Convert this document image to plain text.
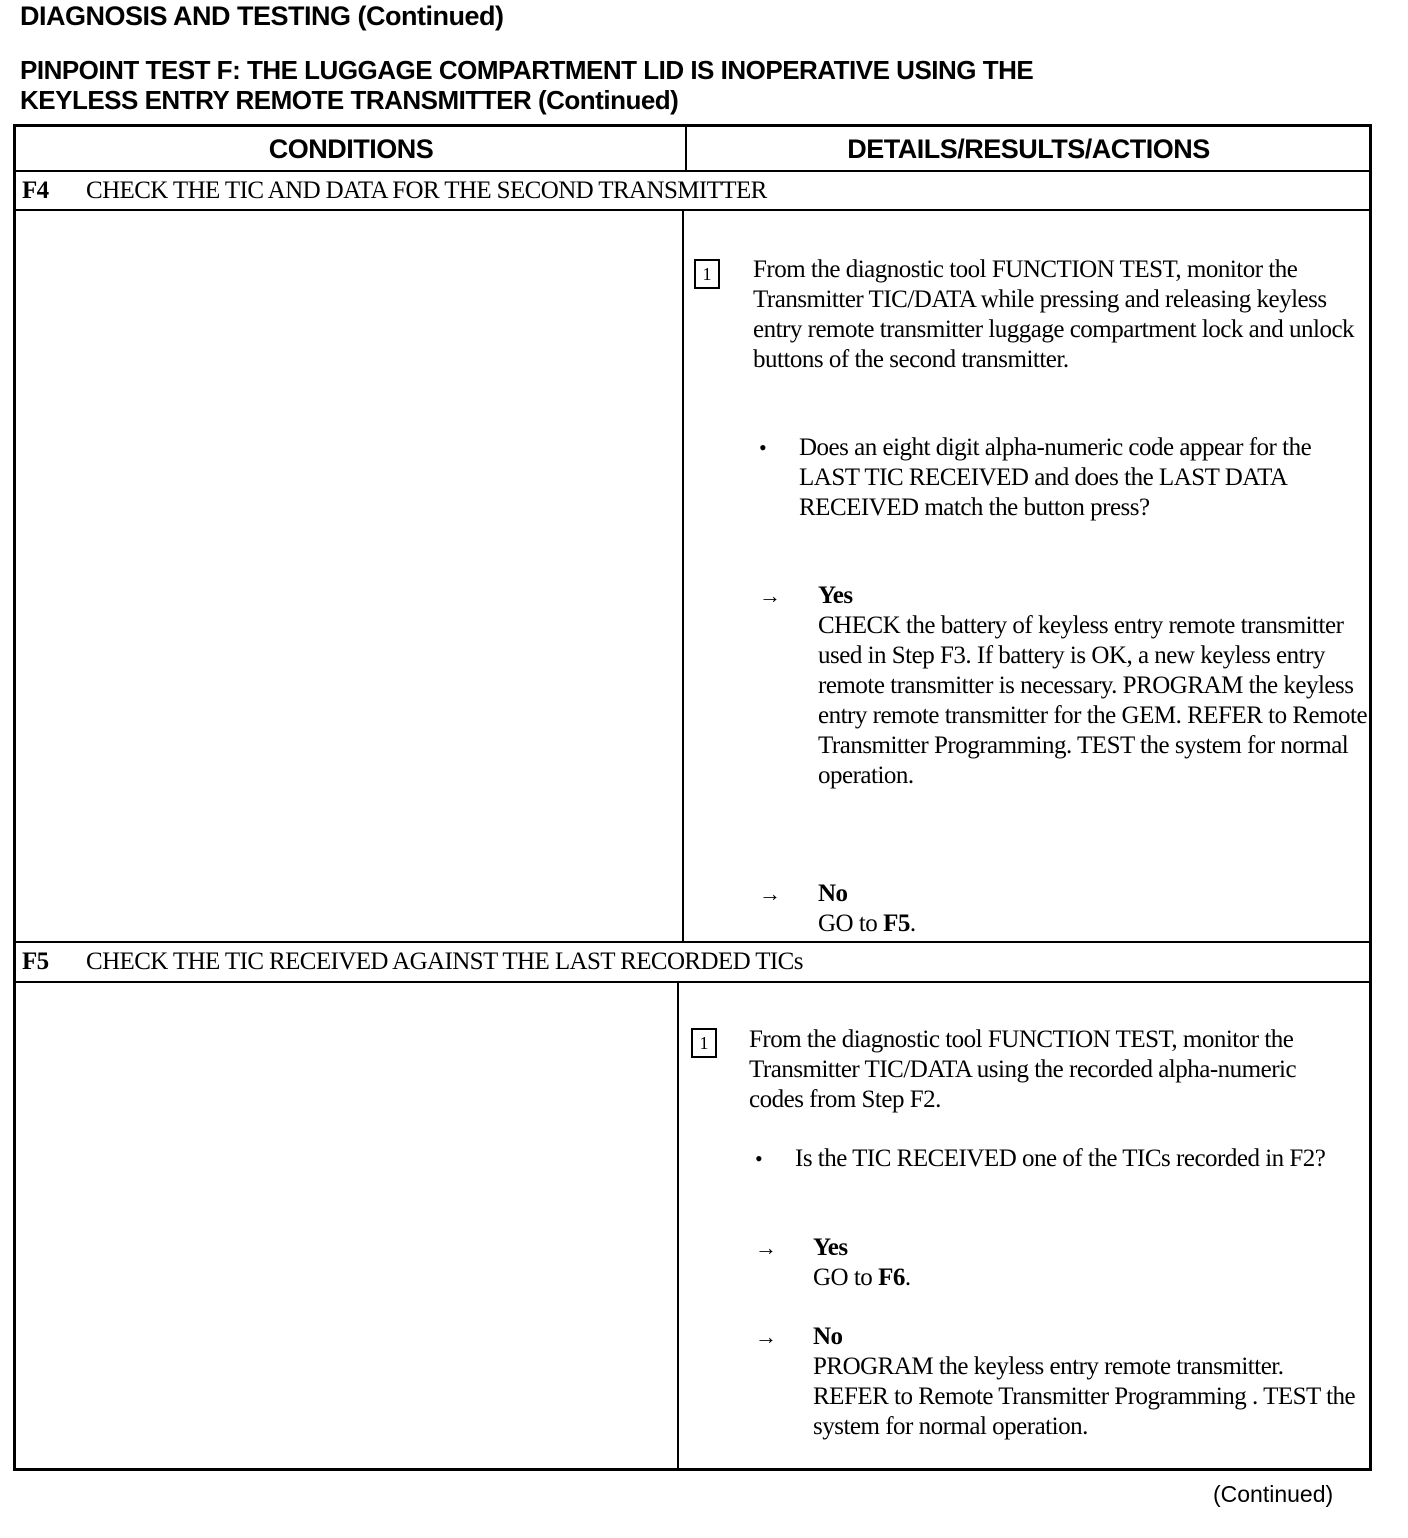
DIAGNOSIS AND TESTING (Continued)
PINPOINT TEST F: THE LUGGAGE COMPARTMENT LID IS INOPERATIVE USING THE
KEYLESS ENTRY REMOTE TRANSMITTER (Continued)
CONDITIONS	DETAILS/RESULTS/ACTIONS
F4 CHECK THE TIC AND DATA FOR THE SECOND TRANSMITTER
1	From the diagnostic tool FUNCTION TEST, monitor the Transmitter TIC/DATA while pressing and releasing keyless entry remote transmitter luggage compartment lock and unlock buttons of the second transmitter.

• Does an eight digit alpha-numeric code appear for the LAST TIC RECEIVED and does the LAST DATA RECEIVED match the button press?

→ Yes

CHECK the battery of keyless entry remote transmitter used in Step F3. If battery is OK, a new keyless entry remote transmitter is necessary. PROGRAM the keyless entry remote transmitter for the GEM. REFER to Remote Transmitter Programming. TEST the system for normal operation.

→ No

GO to F5.

F5 CHECK THE TIC RECEIVED AGAINST THE LAST RECORDED TICs
1	From the diagnostic tool FUNCTION TEST, monitor the Transmitter TIC/DATA using the recorded alpha-numeric codes from Step F2.

• Is the TIC RECEIVED one of the TICs recorded in F2?

→ Yes

GO to F6.

→ No

PROGRAM the keyless entry remote transmitter. REFER to Remote Transmitter Programming . TEST the system for normal operation.

(Continued)
